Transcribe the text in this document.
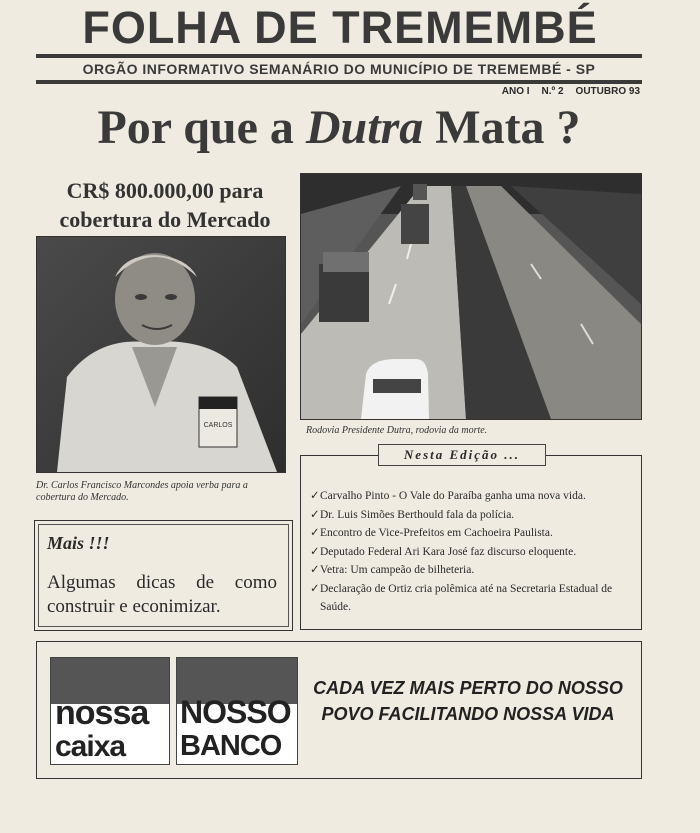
FOLHA DE TREMEMBÉ
ORGÃO INFORMATIVO SEMANÁRIO DO MUNICÍPIO DE TREMEMBÉ - SP
ANO I N.º 2 OUTUBRO 93
Por que a Dutra Mata ?
CR$ 800.000,00 para
cobertura do Mercado
CARLOS
Dr. Carlos Francisco Marcondes apoia verba para a cobertura do Mercado.
Rodovia Presidente Dutra, rodovia da morte.
Nesta Edição ...
✓ Carvalho Pinto - O Vale do Paraíba ganha uma nova vida.
✓ Dr. Luis Simões Berthould fala da polícia.
✓ Encontro de Vice-Prefeitos em Cachoeira Paulista.
✓ Deputado Federal Ari Kara José faz discurso eloquente.
✓ Vetra: Um campeão de bilheteria.
✓ Declaração de Ortiz cria polêmica até na Secretaria Estadual de Saúde.
Mais !!!
Algumas dicas de como construir e econimizar.
nossa
caixa
NOSSO
BANCO
CADA VEZ MAIS PERTO DO NOSSO POVO FACILITANDO NOSSA VIDA
